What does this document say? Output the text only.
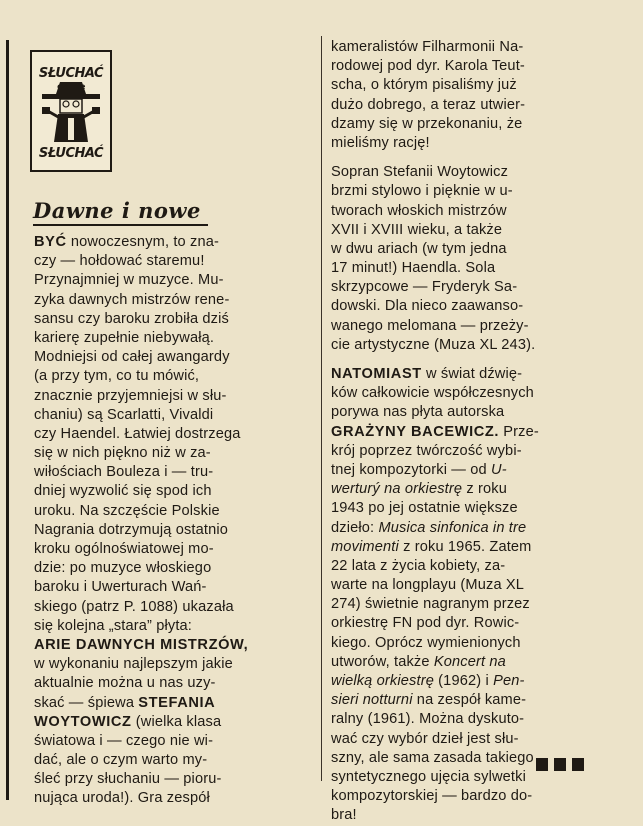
SŁUCHAĆ
czy nie
SŁUCHAĆ
Dawne i nowe
BYĆ nowoczesnym, to zna-
czy — hołdować staremu!
Przynajmniej w muzyce. Mu-
zyka dawnych mistrzów rene-
sansu czy baroku zrobiła dziś
karierę zupełnie niebywałą.
Modniejsi od całej awangardy
(a przy tym, co tu mówić,
znacznie przyjemniejsi w słu-
chaniu) są Scarlatti, Vivaldi
czy Haendel. Łatwiej dostrzega
się w nich piękno niż w za-
wiłościach Bouleza i — tru-
dniej wyzwolić się spod ich
uroku. Na szczęście Polskie
Nagrania dotrzymują ostatnio
kroku ogólnoświatowej mo-
dzie: po muzyce włoskiego
baroku i Uwerturach Wań-
skiego (patrz P. 1088) ukazała
się kolejna „stara” płyta:
ARIE DAWNYCH MISTRZÓW,
w wykonaniu najlepszym jakie
aktualnie można u nas uzy-
skać — śpiewa STEFANIA
WOYTOWICZ (wielka klasa
światowa i — czego nie wi-
dać, ale o czym warto my-
śleć przy słuchaniu — pioru-
nująca uroda!). Gra zespół
kameralistów Filharmonii Na-
rodowej pod dyr. Karola Teut-
scha, o którym pisaliśmy już
dużo dobrego, a teraz utwier-
dzamy się w przekonaniu, że
mieliśmy rację!
Sopran Stefanii Woytowicz
brzmi stylowo i pięknie w u-
tworach włoskich mistrzów
XVII i XVIII wieku, a także
w dwu ariach (w tym jedna
17 minut!) Haendla. Sola
skrzypcowe — Fryderyk Sa-
dowski. Dla nieco zaawanso-
wanego melomana — przeży-
cie artystyczne (Muza XL 243).
NATOMIAST w świat dźwię-
ków całkowicie współczesnych
porywa nas płyta autorska
GRAŻYNY BACEWICZ. Prze-
krój poprzez twórczość wybi-
tnej kompozytorki — od U-
werturý na orkiestrę z roku
1943 po jej ostatnie większe
dzieło: Musica sinfonica in tre
movimenti z roku 1965. Zatem
22 lata z życia kobiety, za-
warte na longplayu (Muza XL
274) świetnie nagranym przez
orkiestrę FN pod dyr. Rowic-
kiego. Oprócz wymienionych
utworów, także Koncert na
wielką orkiestrę (1962) i Pen-
sieri notturni na zespół kame-
ralny (1961). Można dyskuto-
wać czy wybór dzieł jest słu-
szny, ale sama zasada takiego
syntetycznego ujęcia sylwetki
kompozytorskiej — bardzo do-
bra!
